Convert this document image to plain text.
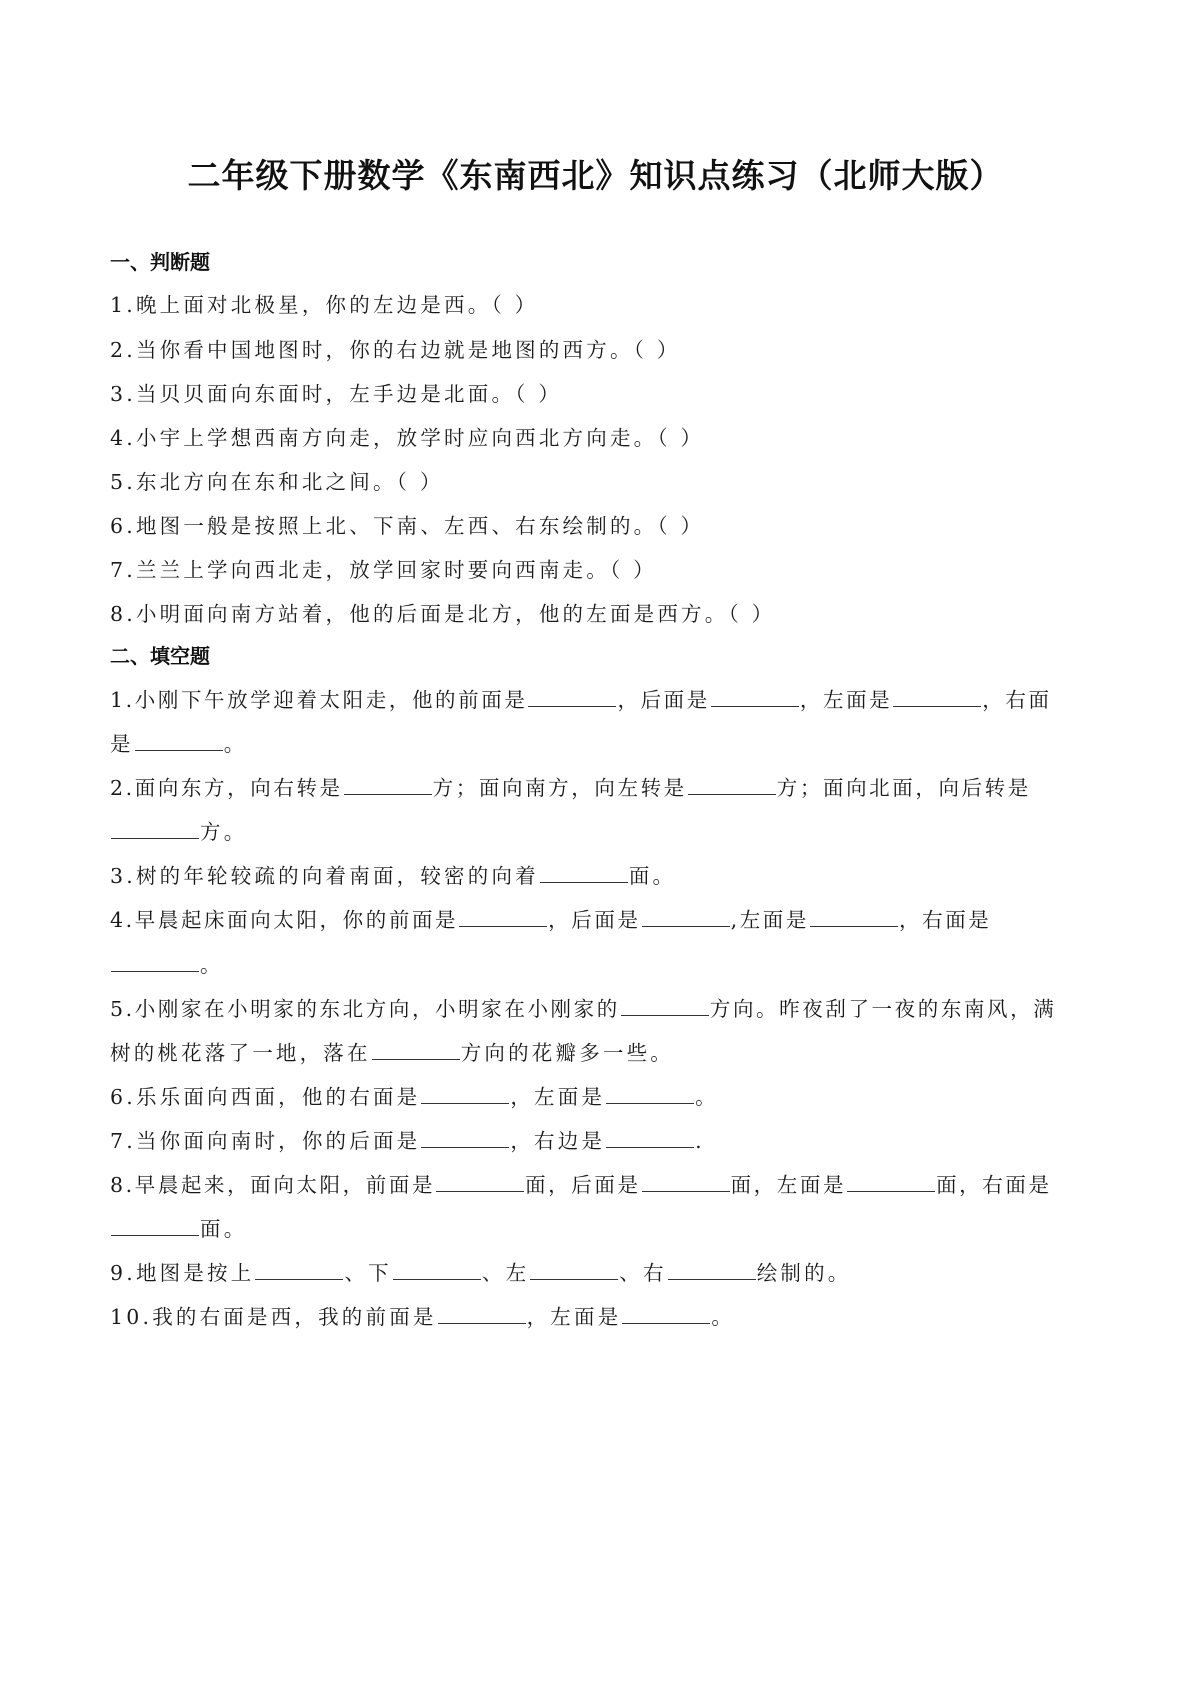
二年级下册数学《东南西北》知识点练习（北师大版）
一、判断题
1.晚上面对北极星，你的左边是西。（ ）
2.当你看中国地图时，你的右边就是地图的西方。（ ）
3.当贝贝面向东面时，左手边是北面。（ ）
4.小宇上学想西南方向走，放学时应向西北方向走。（ ）
5.东北方向在东和北之间。（ ）
6.地图一般是按照上北、下南、左西、右东绘制的。（ ）
7.兰兰上学向西北走，放学回家时要向西南走。（ ）
8.小明面向南方站着，他的后面是北方，他的左面是西方。（ ）
二、填空题
1.小刚下午放学迎着太阳走，他的前面是	，后面是	，左面是	，右面
是	。
2.面向东方，向右转是	方；面向南方，向左转是	方；面向北面，向后转是
方。
3.树的年轮较疏的向着南面，较密的向着	面。
4.早晨起床面向太阳，你的前面是	，后面是	,左面是	，右面是
。
5.小刚家在小明家的东北方向，小明家在小刚家的	方向。昨夜刮了一夜的东南风，满
树的桃花落了一地，落在	方向的花瓣多一些。
6.乐乐面向西面，他的右面是	，左面是	。
7.当你面向南时，你的后面是	，右边是	.
8.早晨起来，面向太阳，前面是	面，后面是	面，左面是	面，右面是
面。
9.地图是按上	、下	、左	、右	绘制的。
10.我的右面是西，我的前面是	，左面是	。
